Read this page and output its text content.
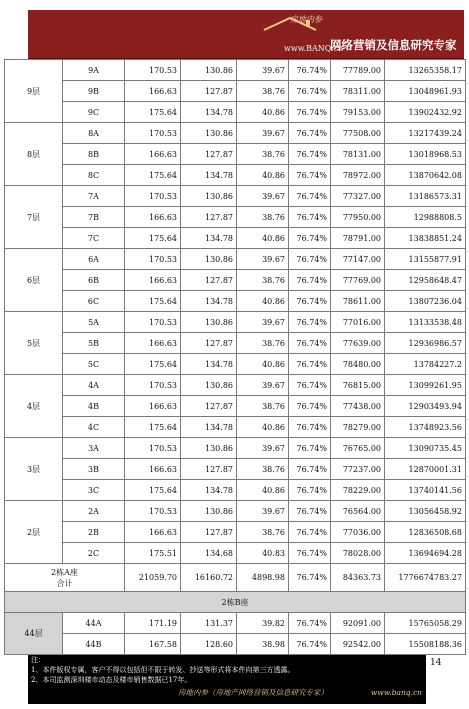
房地内参
www.BANQ.cn
网络营销及信息研究专家
9层	9A	170.53	130.86	39.67	76.74%	77789.00	13265358.17
	9B	166.63	127.87	38.76	76.74%	78311.00	13048961.93
	9C	175.64	134.78	40.86	76.74%	79153.00	13902432.92
8层	8A	170.53	130.86	39.67	76.74%	77508.00	13217439.24
	8B	166.63	127.87	38.76	76.74%	78131.00	13018968.53
	8C	175.64	134.78	40.86	76.74%	78972.00	13870642.08
7层	7A	170.53	130.86	39.67	76.74%	77327.00	13186573.31
	7B	166.63	127.87	38.76	76.74%	77950.00	12988808.5
	7C	175.64	134.78	40.86	76.74%	78791.00	13838851.24
6层	6A	170.53	130.86	39.67	76.74%	77147.00	13155877.91
	6B	166.63	127.87	38.76	76.74%	77769.00	12958648.47
	6C	175.64	134.78	40.86	76.74%	78611.00	13807236.04
5层	5A	170.53	130.86	39.67	76.74%	77016.00	13133538.48
	5B	166.63	127.87	38.76	76.74%	77639.00	12936986.57
	5C	175.64	134.78	40.86	76.74%	78480.00	13784227.2
4层	4A	170.53	130.86	39.67	76.74%	76815.00	13099261.95
	4B	166.63	127.87	38.76	76.74%	77438.00	12903493.94
	4C	175.64	134.78	40.86	76.74%	78279.00	13748923.56
3层	3A	170.53	130.86	39.67	76.74%	76765.00	13090735.45
	3B	166.63	127.87	38.76	76.74%	77237.00	12870001.31
	3C	175.64	134.78	40.86	76.74%	78229.00	13740141.56
2层	2A	170.53	130.86	39.67	76.74%	76564.00	13056458.92
	2B	166.63	127.87	38.76	76.74%	77036.00	12836508.68
	2C	175.51	134.68	40.83	76.74%	78028.00	13694694.28

2栋A座
合计		21059.70	16160.72	4898.98	76.74%	84363.73	1776674783.27
2栋B座							
44层	44A	171.19	131.37	39.82	76.74%	92091.00	15765058.29
	44B	167.58	128.60	38.98	76.74%	92542.00	15508188.36
注：
1、本件版权专属，客户不得以包括但不限于转发、抄送等形式将本件向第三方透露。
2、本司监测深圳楼市动态及楼市销售数据已17年。
房地内参（房地产网络营销及信息研究专家）	www.banq.cn
14
